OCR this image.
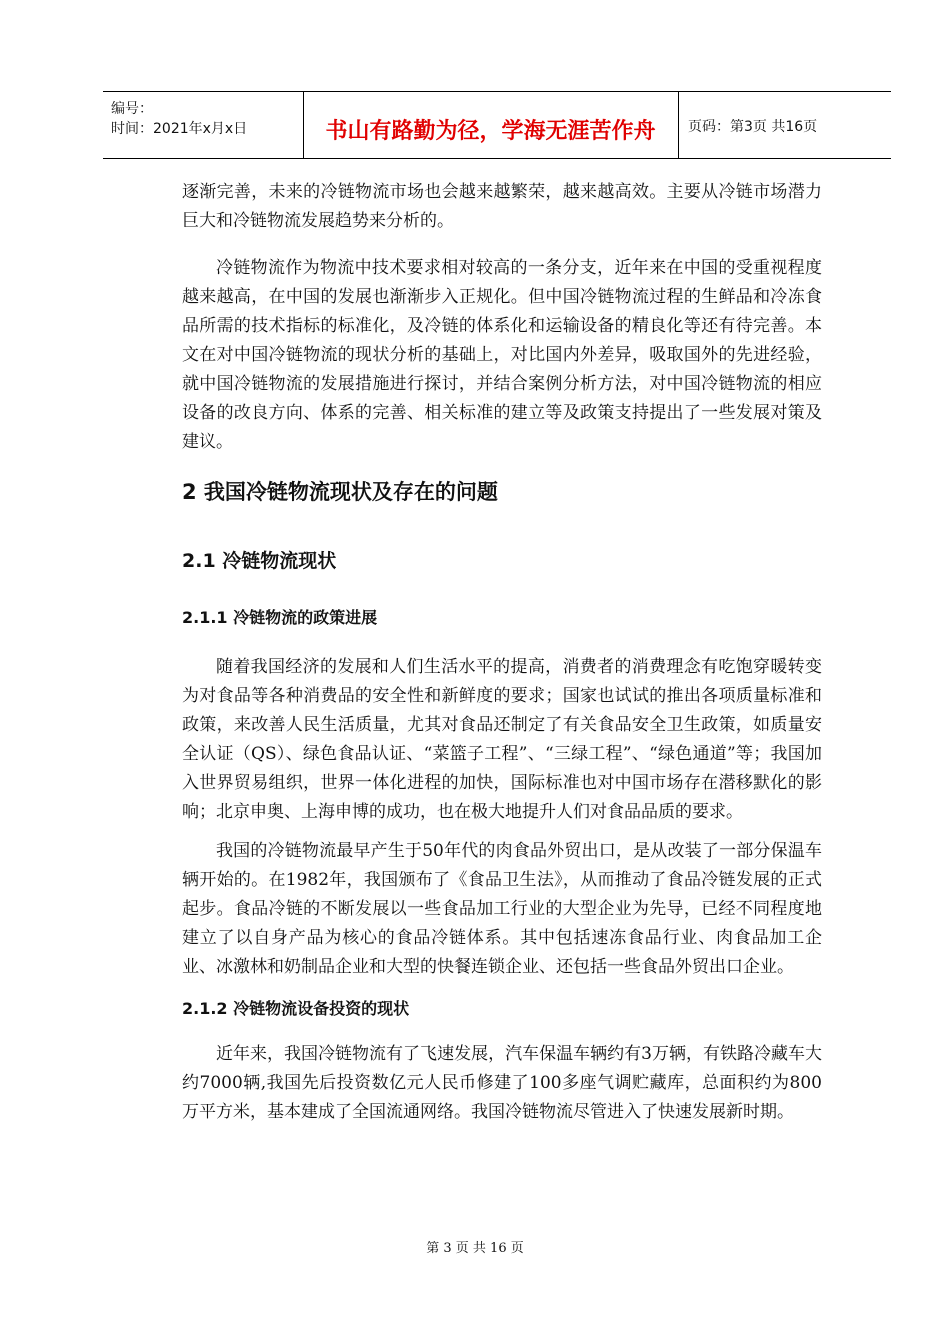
编号：
时间：2021年x月x日	书山有路勤为径，学海无涯苦作舟	页码：第3页 共16页

逐渐完善，未来的冷链物流市场也会越来越繁荣，越来越高效。主要从冷链市场潜力巨大和冷链物流发展趋势来分析的。

冷链物流作为物流中技术要求相对较高的一条分支，近年来在中国的受重视程度越来越高，在中国的发展也渐渐步入正规化。但中国冷链物流过程的生鲜品和冷冻食品所需的技术指标的标准化，及冷链的体系化和运输设备的精良化等还有待完善。本文在对中国冷链物流的现状分析的基础上，对比国内外差异，吸取国外的先进经验，就中国冷链物流的发展措施进行探讨，并结合案例分析方法，对中国冷链物流的相应设备的改良方向、体系的完善、相关标准的建立等及政策支持提出了一些发展对策及建议。

2 我国冷链物流现状及存在的问题
2.1 冷链物流现状
2.1.1 冷链物流的政策进展

随着我国经济的发展和人们生活水平的提高，消费者的消费理念有吃饱穿暖转变为对食品等各种消费品的安全性和新鲜度的要求；国家也试试的推出各项质量标准和政策，来改善人民生活质量，尤其对食品还制定了有关食品安全卫生政策，如质量安全认证（QS）、绿色食品认证、“菜篮子工程”、“三绿工程”、“绿色通道”等；我国加入世界贸易组织，世界一体化进程的加快，国际标准也对中国市场存在潜移默化的影响；北京申奥、上海申博的成功，也在极大地提升人们对食品品质的要求。

我国的冷链物流最早产生于50年代的肉食品外贸出口，是从改装了一部分保温车辆开始的。在1982年，我国颁布了《食品卫生法》，从而推动了食品冷链发展的正式起步。食品冷链的不断发展以一些食品加工行业的大型企业为先导，已经不同程度地建立了以自身产品为核心的食品冷链体系。其中包括速冻食品行业、肉食品加工企业、冰激林和奶制品企业和大型的快餐连锁企业、还包括一些食品外贸出口企业。

2.1.2 冷链物流设备投资的现状

近年来，我国冷链物流有了飞速发展，汽车保温车辆约有3万辆，有铁路冷藏车大约7000辆,我国先后投资数亿元人民币修建了100多座气调贮藏库，总面积约为800万平方米，基本建成了全国流通网络。我国冷链物流尽管进入了快速发展新时期。

第 3 页 共 16 页
